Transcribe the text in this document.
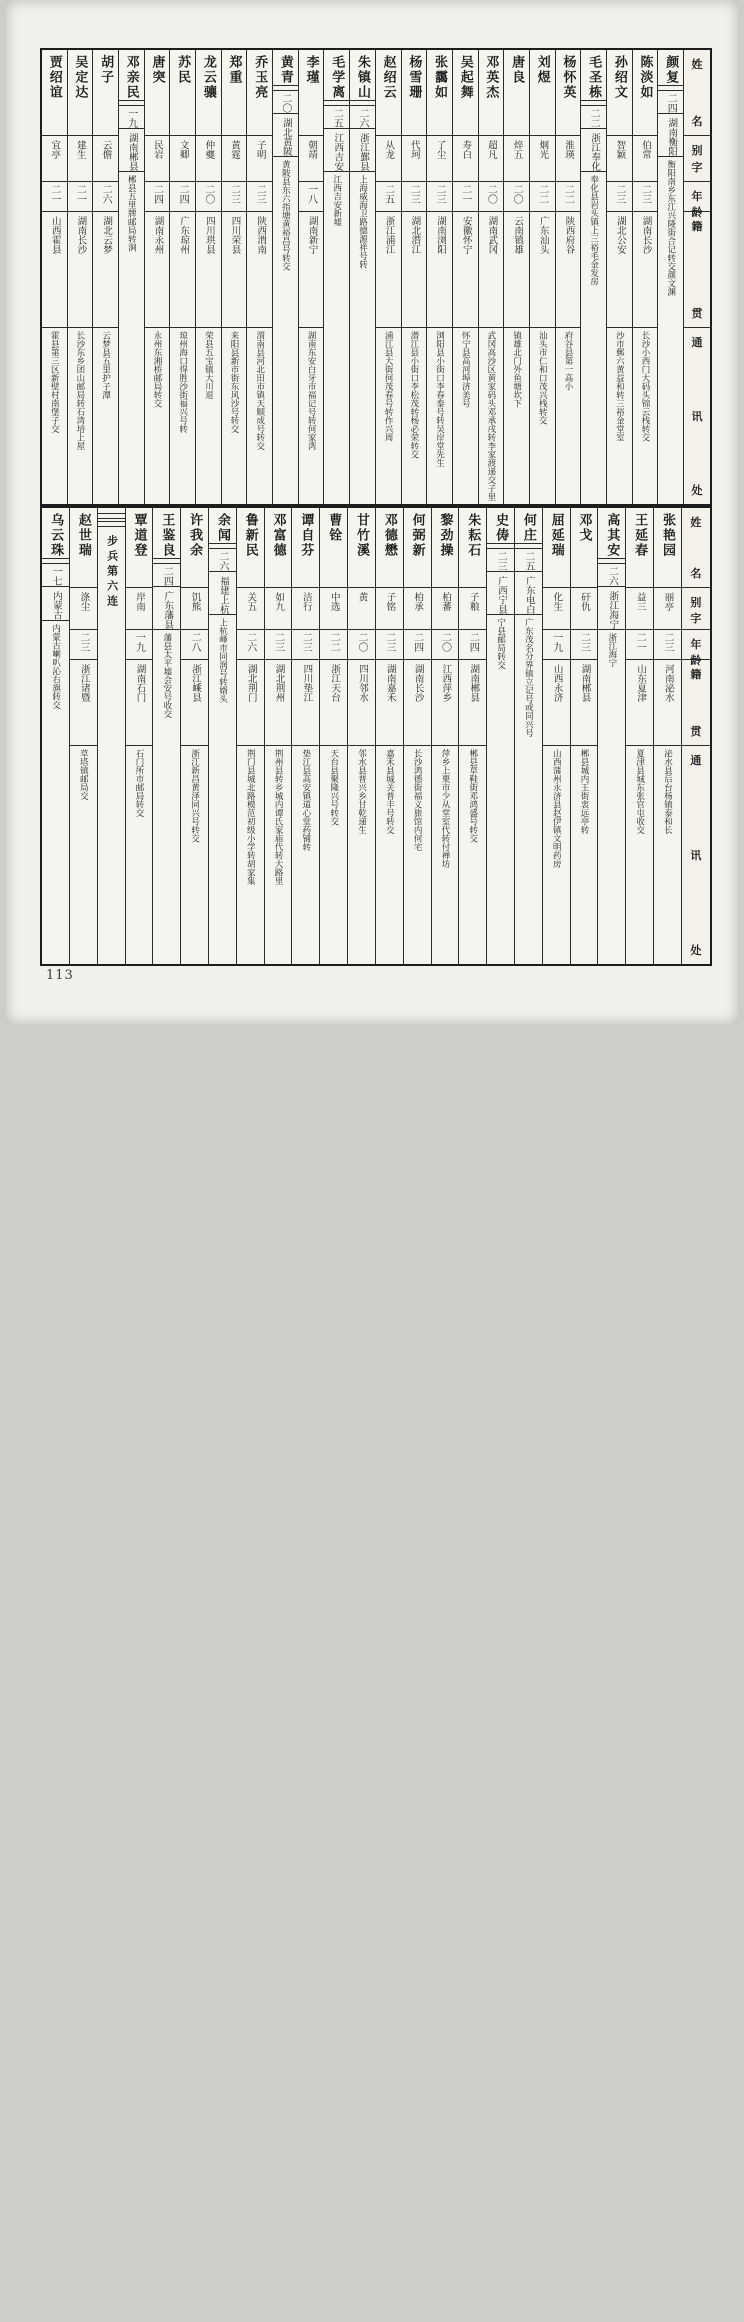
姓
名
别
字
年
龄
籍
贯
通
讯
处
颜复
二四
湖南衡阳
衡阳南乡东江兴隆街合记转交颜文渊
陈淡如
伯常
二三
湖南长沙
长沙小西门大码头锦云栈转交
孙绍文
智颖
二三
湖北公安
沙市郵六黄益和转三裕金堂室
毛圣栋
二二
浙江奉化
奉化县岩头镇上三裕毛金发房
杨怀英
淮瑛
二二
陕西府谷
府谷县第一高小
刘煜
炯光
二二
广东汕头
汕头市仁和口茂兴栈转交
唐良
焠五
二〇
云南镇雄
镇雄北门外鱼塘坎下
邓英杰
超凡
二〇
湖南武冈
武冈高沙区黄家码头邓承戌转李家渡递交子里
吴起舞
寿白
二一
安徽怀宁
怀宁县高河埠济美号
张靄如
了尘
二三
湖南浏阳
浏阳县小街口李春泰号转吴岸堂先生
杨雪珊
代珂
二三
湖北潜江
潜江县小街口李松茂转杨必荣转交
赵绍云
从龙
二五
浙江浦江
浦江县大街何茂春号转作兴周
朱镇山
二六
浙江鄞县
上海威海卫路德源祥号转
毛学离
二五
江西吉安
江西吉安新墟
李瑾
朝靖
一八
湖南新宁
湖南东安白牙市福记号转何家湾
黄青
二〇
湖北黄陂
黄陂县东六指塘黄裕昌号转交
乔玉亮
子明
二三
陕西渭南
渭南县河北田市镇天顺成号转交
郑重
黄霆
二三
四川荣县
来阳县新市街东风沙号转交
龙云骧
仲夔
二〇
四川珙县
荣县五宝镇大川退
苏民
文卿
二四
广东琼州
琼州海口得胜沙街福兴号转
唐突
民岩
二四
湖南永州
永州东湘桥邮局转交
邓亲民
一九
湖南郴县
郴县五里牌邮局转涧
胡子
云儋
二六
湖北云梦
云梦县五里护子潭
吴定达
建生
二一
湖南长沙
长沙东乡团山邮局转石湾培上屋
贾绍谊
宜亭
二一
山西霍县
霍县第三区新壁村南堡子交
姓
名
别
字
年
龄
籍
贯
通
讯
处
张艳园
丽亭
二三
河南泌水
泌水县后台杨镇泰和长
王延春
益三
二一
山东夏津
夏津县城东张官屯收交
高其安
二六
浙江海宁
浙江海宁
邓戈
矸仇
二三
湖南郴县
郴县城内王街衷远亭转
屈延瑞
化生
一九
山西永济
山西蒲州永济县赵伊镇文明药房
何庄
二五
广东电白
广东茂名分界镇立记号或同兴号
史俦
二三
广西宁县
宁县邮局转交
朱耘石
子粮
二四
湖南郴县
郴县草鞋街邓鸿盛号转交
黎劲操
柏蕃
二〇
江西萍乡
萍乡上栗市少从堂室代转付禅坊
何弼新
柏承
二四
湖南长沙
长沙鸿德街福义旅馆内何宅
邓德懋
子铭
二三
湖南嘉禾
嘉禾县城关普丰号转交
甘竹溪
黄
二〇
四川邻水
邻水县普兴乡甘乾递生
曹铨
中选
二二
浙江天台
天台县聚隆兴号转交
谭自芬
洁行
二三
四川垫江
垫江县高安镇道心堂药铺转
邓富德
如九
二三
湖北荆州
荆州县转乡城内谭氏家庙代转大路里
鲁新民
关五
二六
湖北荆门
荆门县城北路模范初级小学转胡家集
余闻
二六
福建上杭
上杭峰市同润号转婿头
许我余
饥熊
二八
浙江嵊县
浙江新昌黄泽同兴号转交
王鉴良
二四
广东藩县
藩县太平墟会安号收交
覃道登
岸南
一九
湖南石门
石门所市邮局转交
步兵第六连
赵世瑞
涤尘
二三
浙江诸暨
草塔镇邮局交
乌云珠
一七
内蒙古
内蒙古喇叭沁右旗转交
113
